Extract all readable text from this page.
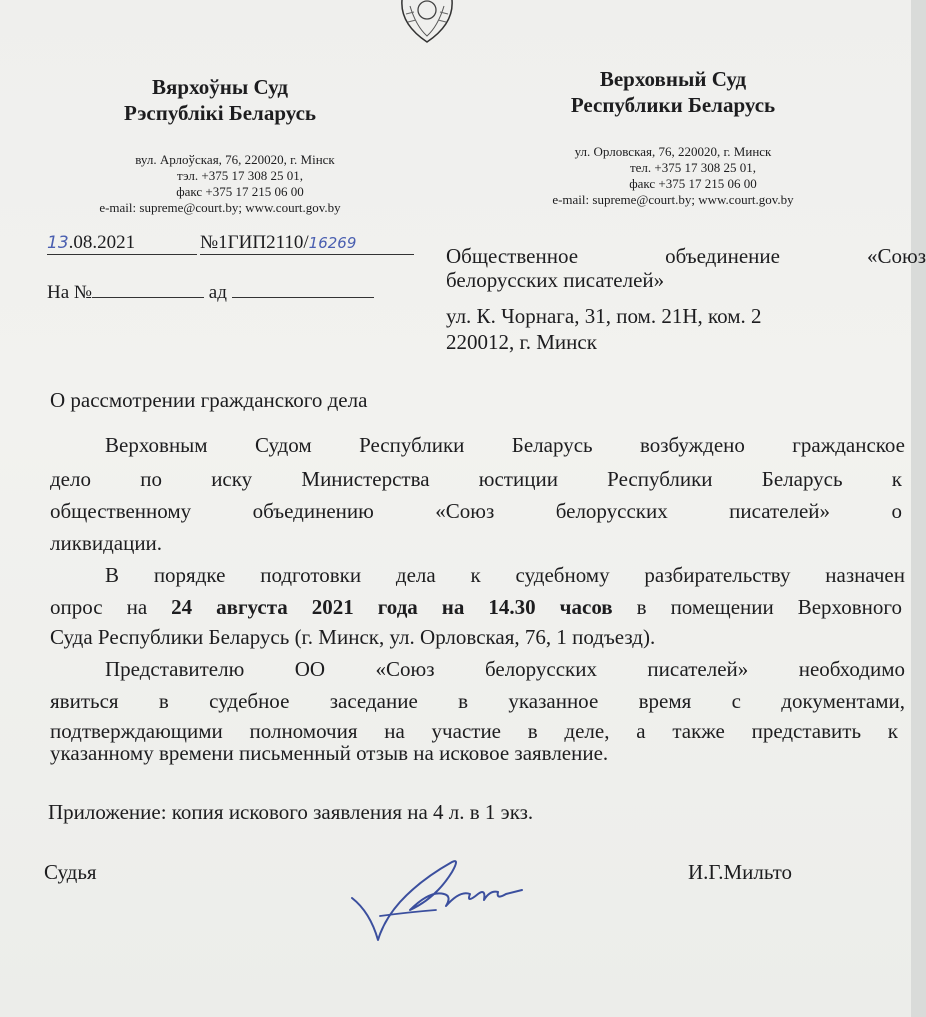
Вярхоўны Суд
Рэспублікі Беларусь
вул. Арлоўская, 76, 220020, г. Мінск
тэл. +375 17 308 25 01,
факс +375 17 215 06 00
e-mail: supreme@court.by; www.court.gov.by
Верховный Суд
Республики Беларусь
ул. Орловская, 76, 220020, г. Минск
тел. +375 17 308 25 01,
факс +375 17 215 06 00
e-mail: supreme@court.by; www.court.gov.by
13.08.2021	№1ГИП2110/16269
На №	ад
Общественное	объединение	«Союз
белорусских писателей»
ул. К. Чорнага, 31, пом. 21Н, ком. 2
220012, г. Минск
О рассмотрении гражданского дела
Верховным Судом Республики Беларусь возбуждено гражданское
дело по иску Министерства юстиции Республики Беларусь к
общественному объединению «Союз белорусских писателей» о
ликвидации.
В порядке подготовки дела к судебному разбирательству назначен
опрос на 24 августа 2021 года на 14.30 часов в помещении Верховного
Суда Республики Беларусь (г. Минск, ул. Орловская, 76, 1 подъезд).
Представителю ОО «Союз белорусских писателей» необходимо
явиться в судебное заседание в указанное время с документами,
подтверждающими полномочия на участие в деле, а также представить к
указанному времени письменный отзыв на исковое заявление.
Приложение: копия искового заявления на 4 л. в 1 экз.
Судья	И.Г.Мильто
